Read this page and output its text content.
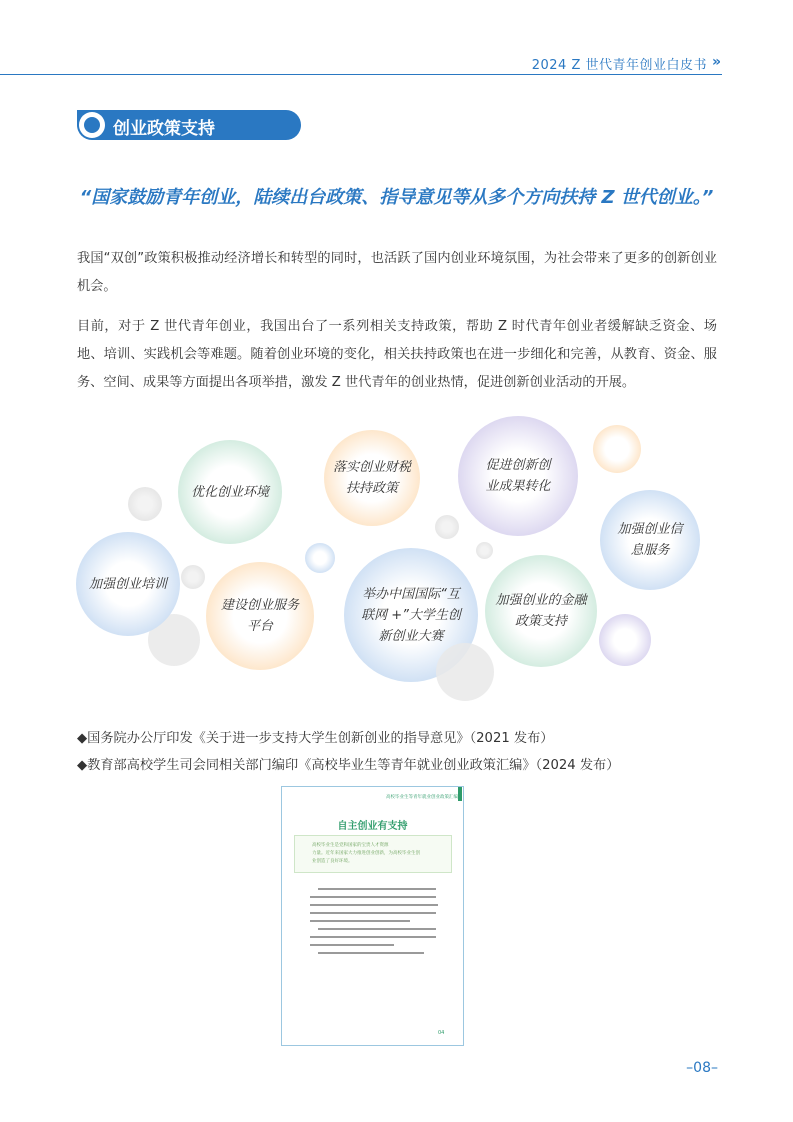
2024 Z 世代青年创业白皮书 »
创业政策支持
“国家鼓励青年创业，陆续出台政策、指导意见等从多个方向扶持 Z 世代创业。”
我国“双创”政策积极推动经济增长和转型的同时，也活跃了国内创业环境氛围，为社会带来了更多的创新创业机会。
目前，对于 Z 世代青年创业，我国出台了一系列相关支持政策，帮助 Z 时代青年创业者缓解缺乏资金、场地、培训、实践机会等难题。随着创业环境的变化，相关扶持政策也在进一步细化和完善，从教育、资金、服务、空间、成果等方面提出各项举措，激发 Z 世代青年的创业热情，促进创新创业活动的开展。
优化创业环境
落实创业财税
扶持政策
促进创新创
业成果转化
加强创业信
息服务
加强创业培训
建设创业服务
平台
举办中国国际“互
联网 +”大学生创
新创业大赛
加强创业的金融
政策支持
◆国务院办公厅印发《关于进一步支持大学生创新创业的指导意见》（2021 发布）
◆教育部高校学生司会同相关部门编印《高校毕业生等青年就业创业政策汇编》（2024 发布）
高校毕业生等青年就业创业政策汇编
自主创业有支持
高校毕业生是党和国家的宝贵人才资源
力量。近年来国家大力推进创业创新，为高校毕业生创
业创造了良好环境。
04
–08–
